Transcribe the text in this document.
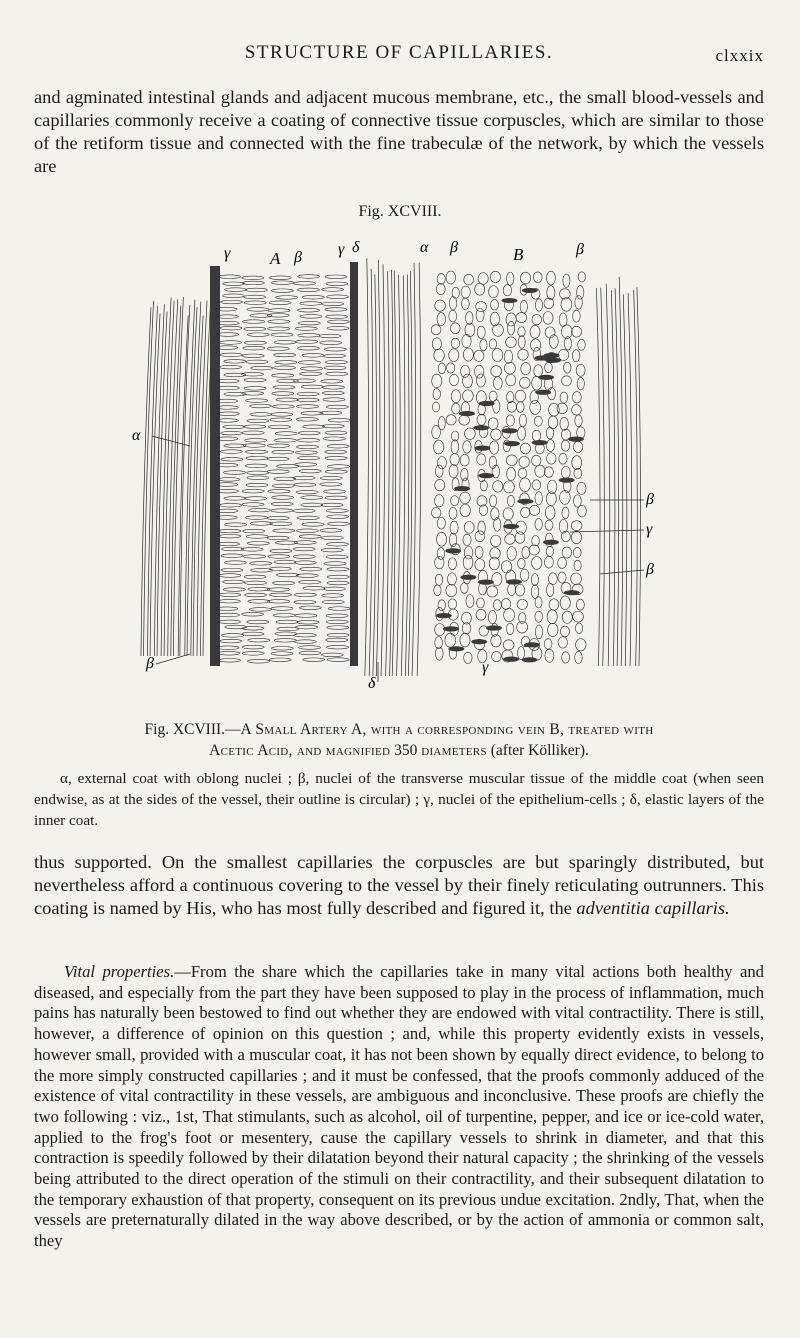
STRUCTURE OF CAPILLARIES.	clxxix
and agminated intestinal glands and adjacent mucous membrane, etc., the small blood-vessels and capillaries commonly receive a coating of connective tissue corpuscles, which are similar to those of the retiform tissue and connected with the fine trabeculæ of the network, by which the vessels are
Fig. XCVIII.
A	B
α
α
β
β	β
β
β
β
γ	γ
γ
γ
δ
δ
Fig. XCVIII.—A Small Artery A, with a corresponding vein B, treated with
Acetic Acid, and magnified 350 diameters (after Kölliker).
α, external coat with oblong nuclei ; β, nuclei of the transverse muscular tissue of the middle coat (when seen endwise, as at the sides of the vessel, their outline is circular) ; γ, nuclei of the epithelium-cells ; δ, elastic layers of the inner coat.
thus supported. On the smallest capillaries the corpuscles are but sparingly distributed, but nevertheless afford a continuous covering to the vessel by their finely reticulating outrunners. This coating is named by His, who has most fully described and figured it, the adventitia capillaris.
Vital properties.—From the share which the capillaries take in many vital actions both healthy and diseased, and especially from the part they have been supposed to play in the process of inflammation, much pains has naturally been bestowed to find out whether they are endowed with vital contractility. There is still, however, a difference of opinion on this question ; and, while this property evidently exists in vessels, however small, provided with a muscular coat, it has not been shown by equally direct evidence, to belong to the more simply constructed capillaries ; and it must be confessed, that the proofs commonly adduced of the existence of vital contractility in these vessels, are ambiguous and inconclusive. These proofs are chiefly the two following : viz., 1st, That stimulants, such as alcohol, oil of turpentine, pepper, and ice or ice-cold water, applied to the frog's foot or mesentery, cause the capillary vessels to shrink in diameter, and that this contraction is speedily followed by their dilatation beyond their natural capacity ; the shrinking of the vessels being attributed to the direct operation of the stimuli on their contractility, and their subsequent dilatation to the temporary exhaustion of that property, consequent on its previous undue excitation. 2ndly, That, when the vessels are preternaturally dilated in the way above described, or by the action of ammonia or common salt, they
